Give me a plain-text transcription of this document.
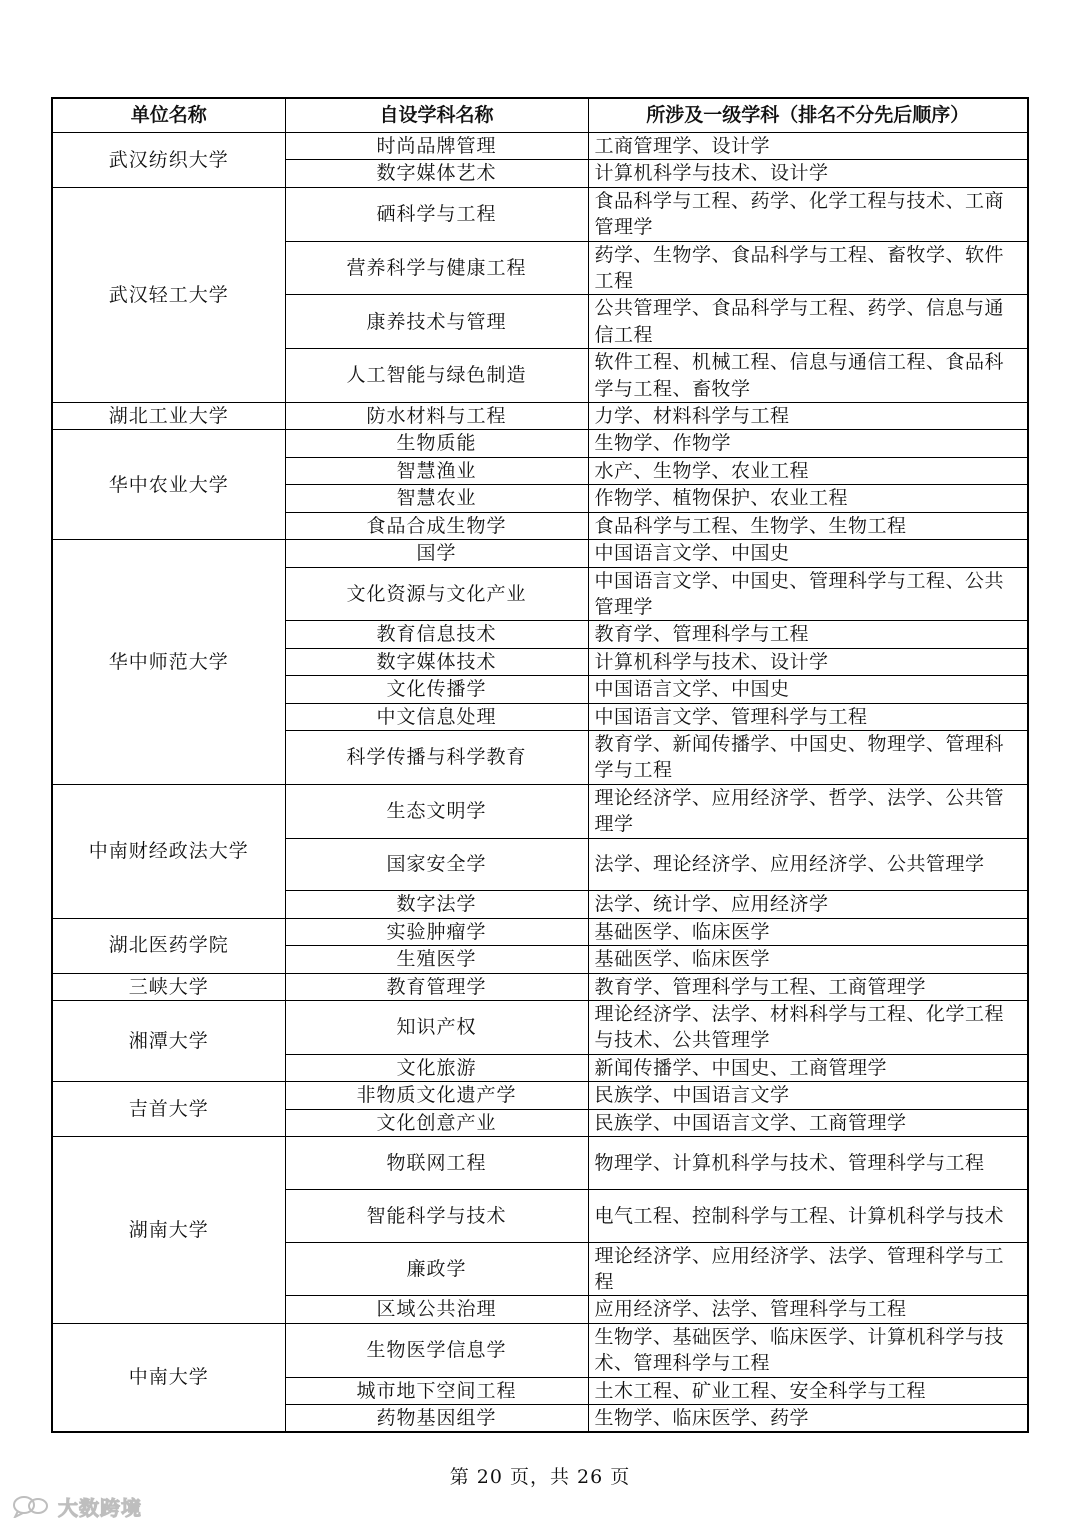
单位名称	自设学科名称	所涉及一级学科（排名不分先后顺序）
武汉纺织大学	时尚品牌管理	工商管理学、设计学
	数字媒体艺术	计算机科学与技术、设计学
武汉轻工大学	硒科学与工程	食品科学与工程、药学、化学工程与技术、工商管理学
	营养科学与健康工程	药学、生物学、食品科学与工程、畜牧学、软件工程
	康养技术与管理	公共管理学、食品科学与工程、药学、信息与通信工程
	人工智能与绿色制造	软件工程、机械工程、信息与通信工程、食品科学与工程、畜牧学
湖北工业大学	防水材料与工程	力学、材料科学与工程
华中农业大学	生物质能	生物学、作物学
	智慧渔业	水产、生物学、农业工程
	智慧农业	作物学、植物保护、农业工程
	食品合成生物学	食品科学与工程、生物学、生物工程
华中师范大学	国学	中国语言文学、中国史
	文化资源与文化产业	中国语言文学、中国史、管理科学与工程、公共管理学
	教育信息技术	教育学、管理科学与工程
	数字媒体技术	计算机科学与技术、设计学
	文化传播学	中国语言文学、中国史
	中文信息处理	中国语言文学、管理科学与工程
	科学传播与科学教育	教育学、新闻传播学、中国史、物理学、管理科学与工程
中南财经政法大学	生态文明学	理论经济学、应用经济学、哲学、法学、公共管理学
	国家安全学	法学、理论经济学、应用经济学、公共管理学
	数字法学	法学、统计学、应用经济学
湖北医药学院	实验肿瘤学	基础医学、临床医学
	生殖医学	基础医学、临床医学
三峡大学	教育管理学	教育学、管理科学与工程、工商管理学
湘潭大学	知识产权	理论经济学、法学、材料科学与工程、化学工程与技术、公共管理学
	文化旅游	新闻传播学、中国史、工商管理学
吉首大学	非物质文化遗产学	民族学、中国语言文学
	文化创意产业	民族学、中国语言文学、工商管理学
湖南大学	物联网工程	物理学、计算机科学与技术、管理科学与工程
	智能科学与技术	电气工程、控制科学与工程、计算机科学与技术
	廉政学	理论经济学、应用经济学、法学、管理科学与工程
	区域公共治理	应用经济学、法学、管理科学与工程
中南大学	生物医学信息学	生物学、基础医学、临床医学、计算机科学与技术、管理科学与工程
	城市地下空间工程	土木工程、矿业工程、安全科学与工程
	药物基因组学	生物学、临床医学、药学
第 20 页，共 26 页
大数跨境
